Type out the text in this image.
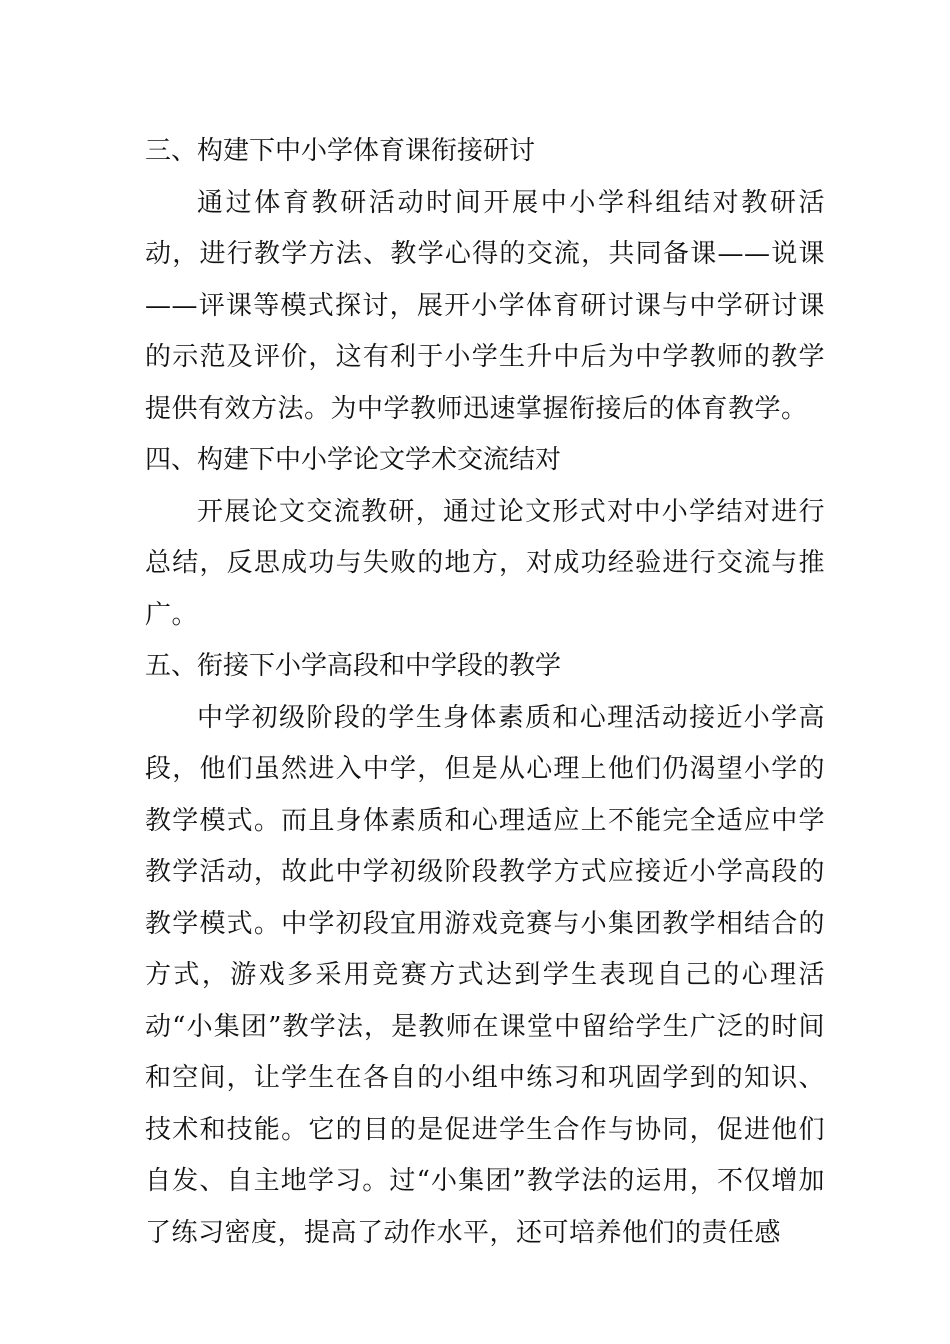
三、构建下中小学体育课衔接研讨

通过体育教研活动时间开展中小学科组结对教研活动，进行教学方法、教学心得的交流，共同备课——说课——评课等模式探讨，展开小学体育研讨课与中学研讨课的示范及评价，这有利于小学生升中后为中学教师的教学提供有效方法。为中学教师迅速掌握衔接后的体育教学。

四、构建下中小学论文学术交流结对

开展论文交流教研，通过论文形式对中小学结对进行总结，反思成功与失败的地方，对成功经验进行交流与推广。

五、衔接下小学高段和中学段的教学

中学初级阶段的学生身体素质和心理活动接近小学高段，他们虽然进入中学，但是从心理上他们仍渴望小学的教学模式。而且身体素质和心理适应上不能完全适应中学教学活动，故此中学初级阶段教学方式应接近小学高段的教学模式。中学初段宜用游戏竞赛与小集团教学相结合的方式，游戏多采用竞赛方式达到学生表现自己的心理活动“小集团”教学法，是教师在课堂中留给学生广泛的时间和空间，让学生在各自的小组中练习和巩固学到的知识、技术和技能。它的目的是促进学生合作与协同，促进他们自发、自主地学习。过“小集团”教学法的运用，不仅增加了练习密度，提高了动作水平，还可培养他们的责任感
